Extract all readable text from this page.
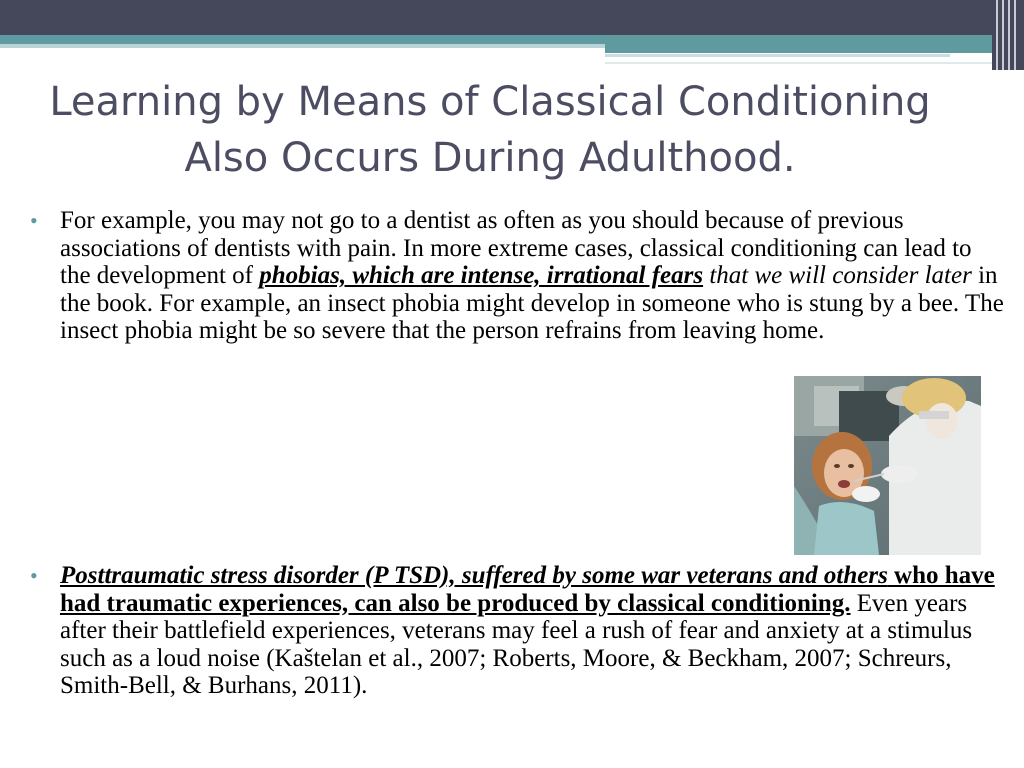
Learning by Means of Classical Conditioning
Also Occurs During Adulthood.
• For example, you may not go to a dentist as often as you should because of previous associations of dentists with pain. In more extreme cases, classical conditioning can lead to the development of phobias, which are intense, irrational fears that we will consider later in the book. For example, an insect phobia might develop in someone who is stung by a bee. The insect phobia might be so severe that the person refrains from leaving home.
• Posttraumatic stress disorder (P TSD), suffered by some war veterans and others who have had traumatic experiences, can also be produced by classical conditioning. Even years after their battlefield experiences, veterans may feel a rush of fear and anxiety at a stimulus such as a loud noise (Kaštelan et al., 2007; Roberts, Moore, & Beckham, 2007; Schreurs, Smith-Bell, & Burhans, 2011).
